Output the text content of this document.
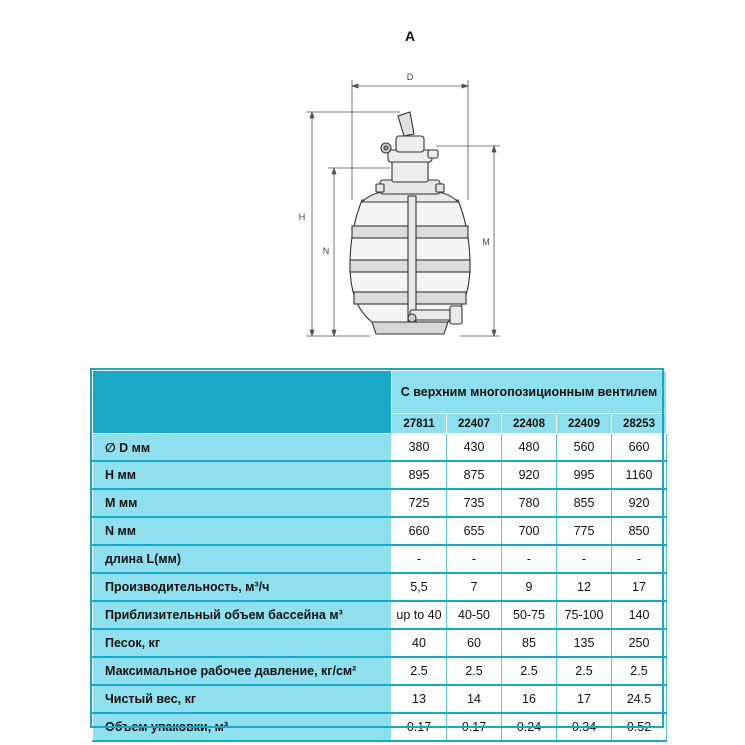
A
D
H
N
M
	С верхним многопозиционным вентилем				
	27811	22407	22408	22409	28253
∅ D мм	380	430	480	560	660
H мм	895	875	920	995	1160
M мм	725	735	780	855	920
N мм	660	655	700	775	850
длина L(мм)	-	-	-	-	-
Производительность, м³/ч	5,5	7	9	12	17
Приблизительный объем бассейна м³	up to 40	40-50	50-75	75-100	140
Песок, кг	40	60	85	135	250
Максимальное рабочее давление, кг/см²	2.5	2.5	2.5	2.5	2.5
Чистый вес, кг	13	14	16	17	24.5
Объем упаковки, м³	0.17	0.17	0.24	0.34	0.52
